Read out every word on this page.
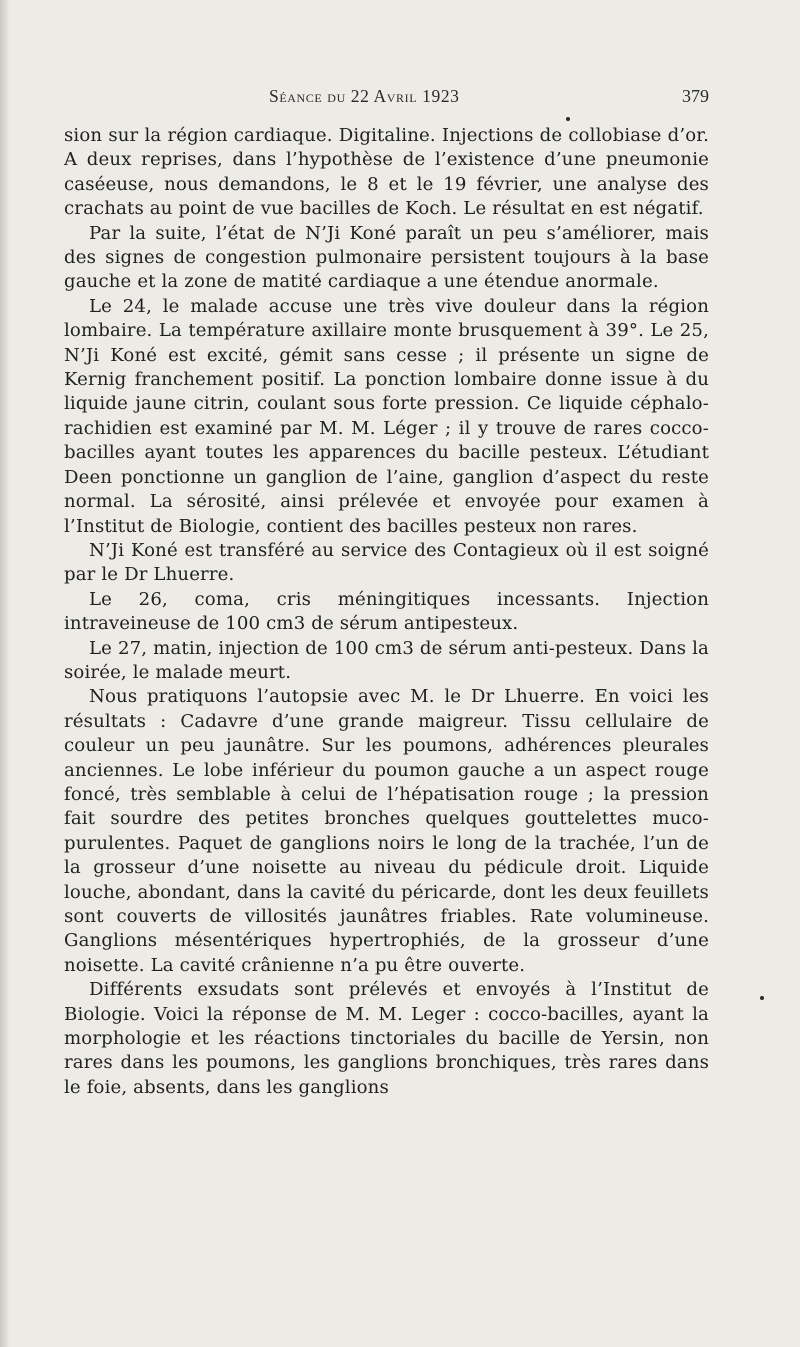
Séance du 22 Avril 1923	379

sion sur la région cardiaque. Digitaline. Injections de collobiase d’or. A deux reprises, dans l’hypothèse de l’existence d’une pneumonie caséeuse, nous demandons, le 8 et le 19 février, une analyse des crachats au point de vue bacilles de Koch. Le résultat en est négatif.

Par la suite, l’état de N’Ji Koné paraît un peu s’améliorer, mais des signes de congestion pulmonaire persistent toujours à la base gauche et la zone de matité cardiaque a une étendue anormale.

Le 24, le malade accuse une très vive douleur dans la région lombaire. La température axillaire monte brusquement à 39°. Le 25, N’Ji Koné est excité, gémit sans cesse ; il présente un signe de Kernig franchement positif. La ponction lombaire donne issue à du liquide jaune citrin, coulant sous forte pression. Ce liquide céphalo-rachidien est examiné par M. M. Léger ; il y trouve de rares cocco-bacilles ayant toutes les apparences du bacille pesteux. L’étudiant Deen ponctionne un ganglion de l’aine, ganglion d’aspect du reste normal. La sérosité, ainsi prélevée et envoyée pour examen à l’Institut de Biologie, contient des bacilles pesteux non rares.

N’Ji Koné est transféré au service des Contagieux où il est soigné par le Dr Lhuerre.

Le 26, coma, cris méningitiques incessants. Injection intraveineuse de 100 cm3 de sérum antipesteux.

Le 27, matin, injection de 100 cm3 de sérum anti-pesteux. Dans la soirée, le malade meurt.

Nous pratiquons l’autopsie avec M. le Dr Lhuerre. En voici les résultats : Cadavre d’une grande maigreur. Tissu cellulaire de couleur un peu jaunâtre. Sur les poumons, adhérences pleurales anciennes. Le lobe inférieur du poumon gauche a un aspect rouge foncé, très semblable à celui de l’hépatisation rouge ; la pression fait sourdre des petites bronches quelques gouttelettes muco-purulentes. Paquet de ganglions noirs le long de la trachée, l’un de la grosseur d’une noisette au niveau du pédicule droit. Liquide louche, abondant, dans la cavité du péricarde, dont les deux feuillets sont couverts de villosités jaunâtres friables. Rate volumineuse. Ganglions mésentériques hypertrophiés, de la grosseur d’une noisette. La cavité crânienne n’a pu être ouverte.

Différents exsudats sont prélevés et envoyés à l’Institut de Biologie. Voici la réponse de M. M. Leger : cocco-bacilles, ayant la morphologie et les réactions tinctoriales du bacille de Yersin, non rares dans les poumons, les ganglions bronchiques, très rares dans le foie, absents, dans les ganglions
